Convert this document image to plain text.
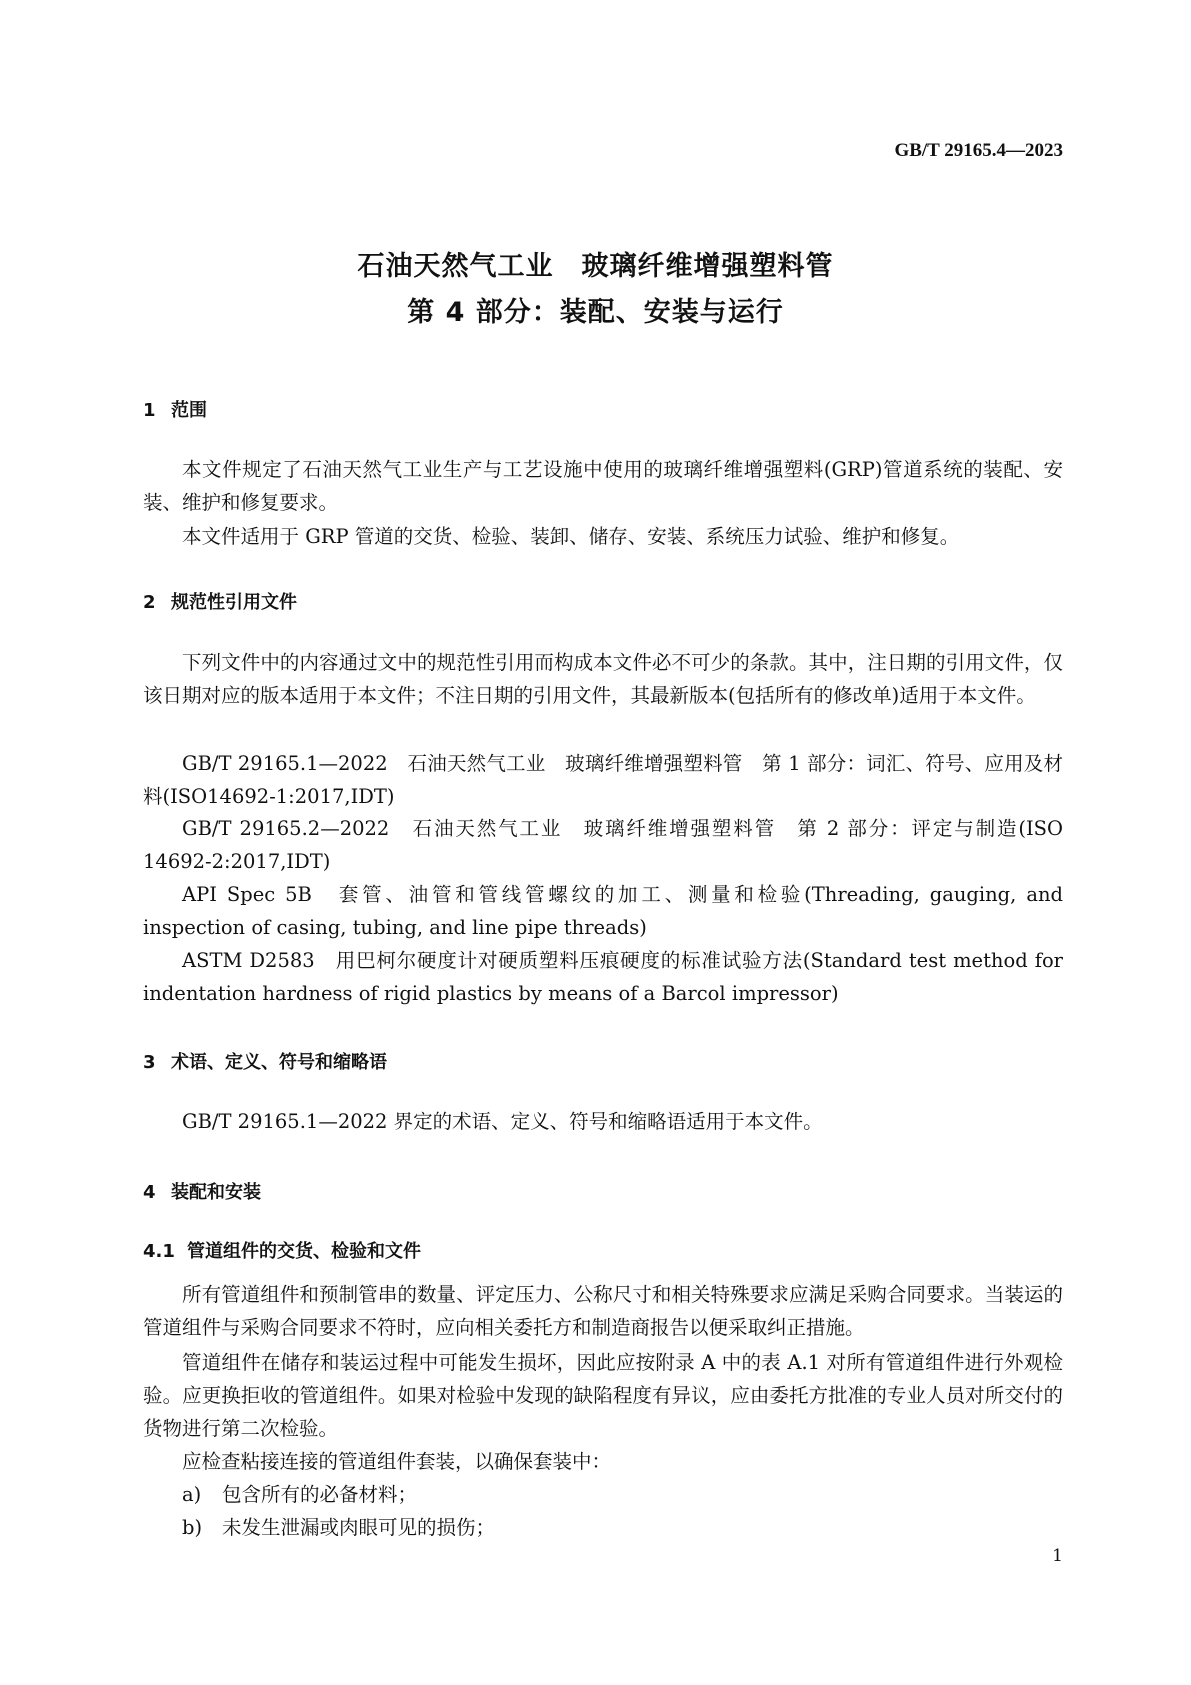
GB/T 29165.4—2023
石油天然气工业　玻璃纤维增强塑料管
第 4 部分：装配、安装与运行
1 范围
本文件规定了石油天然气工业生产与工艺设施中使用的玻璃纤维增强塑料(GRP)管道系统的装配、安装、维护和修复要求。
本文件适用于 GRP 管道的交货、检验、装卸、储存、安装、系统压力试验、维护和修复。
2 规范性引用文件
下列文件中的内容通过文中的规范性引用而构成本文件必不可少的条款。其中，注日期的引用文件，仅该日期对应的版本适用于本文件；不注日期的引用文件，其最新版本(包括所有的修改单)适用于本文件。
GB/T 29165.1—2022　石油天然气工业　玻璃纤维增强塑料管　第 1 部分：词汇、符号、应用及材料(ISO14692-1:2017,IDT)
GB/T 29165.2—2022　石油天然气工业　玻璃纤维增强塑料管　第 2 部分：评定与制造(ISO 14692-2:2017,IDT)
API Spec 5B　套管、油管和管线管螺纹的加工、测量和检验(Threading, gauging, and inspection of casing, tubing, and line pipe threads)
ASTM D2583　用巴柯尔硬度计对硬质塑料压痕硬度的标准试验方法(Standard test method for indentation hardness of rigid plastics by means of a Barcol impressor)
3 术语、定义、符号和缩略语
GB/T 29165.1—2022 界定的术语、定义、符号和缩略语适用于本文件。
4 装配和安装
4.1 管道组件的交货、检验和文件
所有管道组件和预制管串的数量、评定压力、公称尺寸和相关特殊要求应满足采购合同要求。当装运的管道组件与采购合同要求不符时，应向相关委托方和制造商报告以便采取纠正措施。
管道组件在储存和装运过程中可能发生损坏，因此应按附录 A 中的表 A.1 对所有管道组件进行外观检验。应更换拒收的管道组件。如果对检验中发现的缺陷程度有异议，应由委托方批准的专业人员对所交付的货物进行第二次检验。
应检查粘接连接的管道组件套装，以确保套装中：
a) 包含所有的必备材料；
b) 未发生泄漏或肉眼可见的损伤；
1
